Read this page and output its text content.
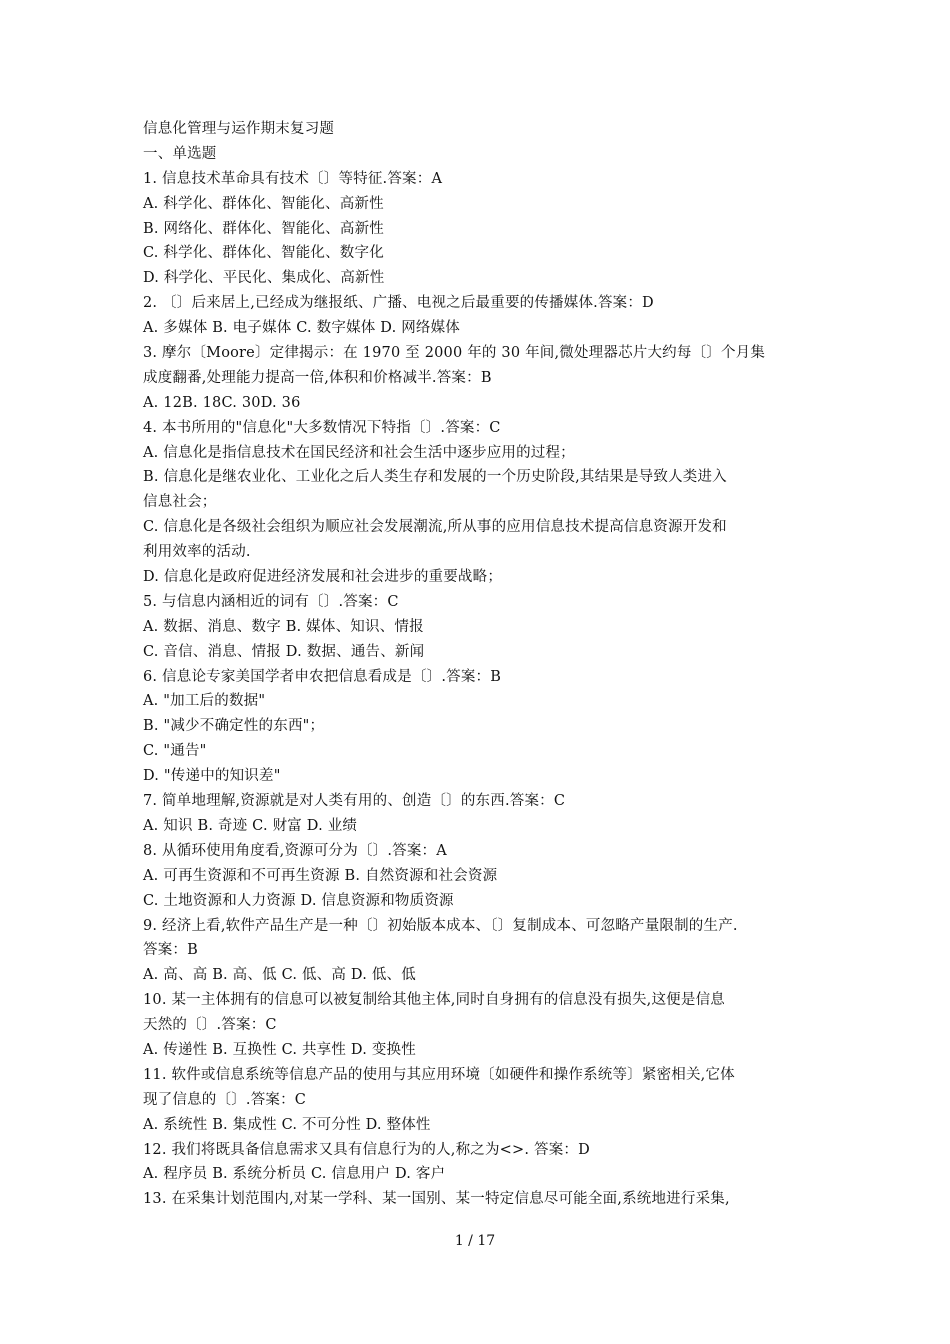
信息化管理与运作期末复习题
一、单选题
1. 信息技术革命具有技术〔〕等特征.答案：A
A. 科学化、群体化、智能化、高新性
B. 网络化、群体化、智能化、高新性
C. 科学化、群体化、智能化、数字化
D. 科学化、平民化、集成化、高新性
2. 〔〕后来居上,已经成为继报纸、广播、电视之后最重要的传播媒体.答案：D
A. 多媒体 B. 电子媒体 C. 数字媒体 D. 网络媒体
3. 摩尔〔Moore〕定律揭示：在 1970 至 2000 年的 30 年间,微处理器芯片大约每〔〕个月集
成度翻番,处理能力提高一倍,体积和价格减半.答案：B
A. 12B. 18C. 30D. 36
4. 本书所用的"信息化"大多数情况下特指〔〕.答案：C
A. 信息化是指信息技术在国民经济和社会生活中逐步应用的过程；
B. 信息化是继农业化、工业化之后人类生存和发展的一个历史阶段,其结果是导致人类进入
信息社会；
C. 信息化是各级社会组织为顺应社会发展潮流,所从事的应用信息技术提高信息资源开发和
利用效率的活动.
D. 信息化是政府促进经济发展和社会进步的重要战略；
5. 与信息内涵相近的词有〔〕.答案：C
A. 数据、消息、数字 B. 媒体、知识、情报
C. 音信、消息、情报 D. 数据、通告、新闻
6. 信息论专家美国学者申农把信息看成是〔〕.答案：B
A. "加工后的数据"
B. "减少不确定性的东西"；
C. "通告"
D. "传递中的知识差"
7. 简单地理解,资源就是对人类有用的、创造〔〕的东西.答案：C
A. 知识 B. 奇迹 C. 财富 D. 业绩
8. 从循环使用角度看,资源可分为〔〕.答案：A
A. 可再生资源和不可再生资源 B. 自然资源和社会资源
C. 土地资源和人力资源 D. 信息资源和物质资源
9. 经济上看,软件产品生产是一种〔〕初始版本成本、〔〕复制成本、可忽略产量限制的生产.
答案：B
A. 高、高 B. 高、低 C. 低、高 D. 低、低
10. 某一主体拥有的信息可以被复制给其他主体,同时自身拥有的信息没有损失,这便是信息
天然的〔〕.答案：C
A. 传递性 B. 互换性 C. 共享性 D. 变换性
11. 软件或信息系统等信息产品的使用与其应用环境〔如硬件和操作系统等〕紧密相关,它体
现了信息的〔〕.答案：C
A. 系统性 B. 集成性 C. 不可分性 D. 整体性
12. 我们将既具备信息需求又具有信息行为的人,称之为<>. 答案：D
A. 程序员 B. 系统分析员 C. 信息用户 D. 客户
13. 在采集计划范围内,对某一学科、某一国别、某一特定信息尽可能全面,系统地进行采集,
1 / 17
